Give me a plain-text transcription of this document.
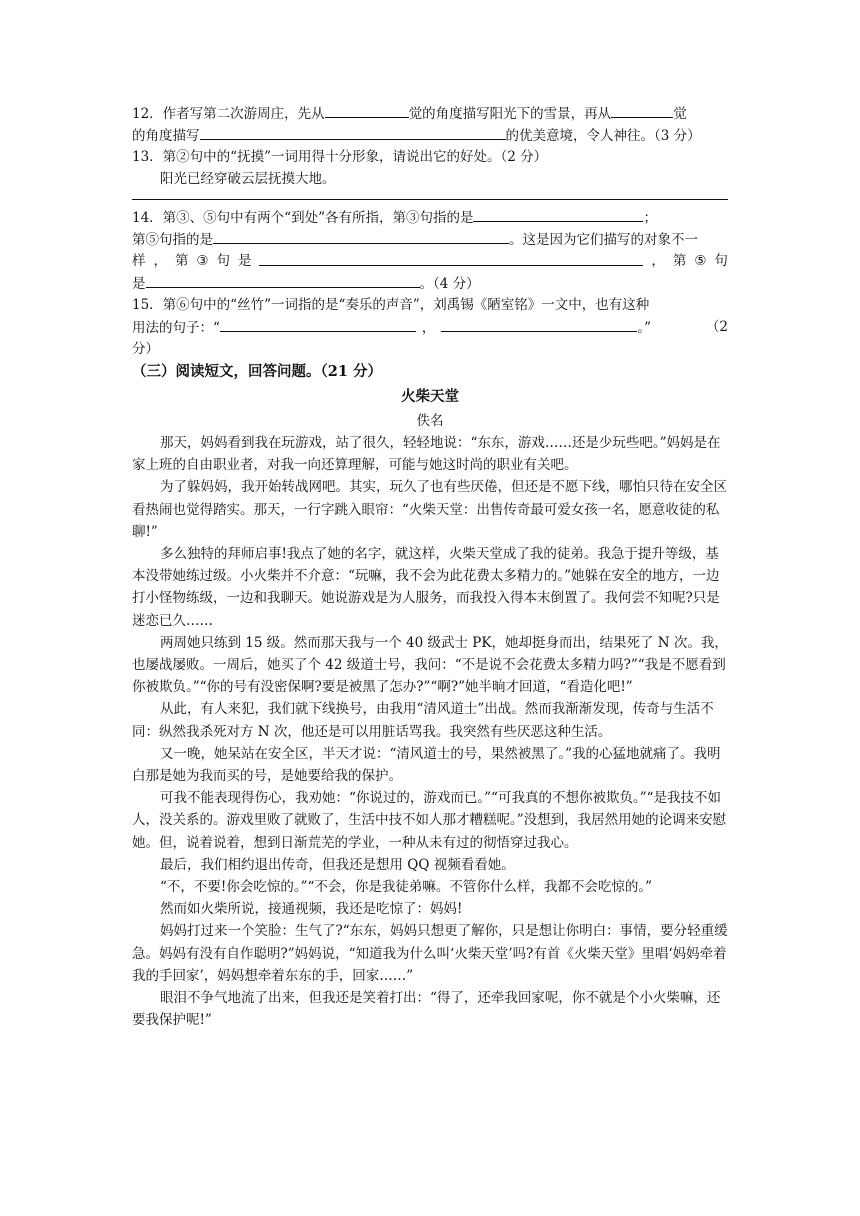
12．作者写第二次游周庄，先从	觉的角度描写阳光下的雪景，再从	觉
的角度描写	的优美意境，令人神往。（3 分）
13．第②句中的“抚摸”一词用得十分形象，请说出它的好处。（2 分）
阳光已经穿破云层抚摸大地。
14．第③、⑤句中有两个“到处”各有所指，第③句指的是	；
第⑤句指的是	。这是因为它们描写的对象不一
样 ， 第 ③ 句 是	， 第 ⑤ 句
是	。（4 分）
15．第⑥句中的“丝竹”一词指的是“奏乐的声音”，刘禹锡《陋室铭》一文中，也有这种
用法的句子：“	，	。”	（2
分）
（三）阅读短文，回答问题。（21 分）
火柴天堂
佚名
那天，妈妈看到我在玩游戏，站了很久，轻轻地说：“东东，游戏……还是少玩些吧。”妈妈是在家上班的自由职业者，对我一向还算理解，可能与她这时尚的职业有关吧。
为了躲妈妈，我开始转战网吧。其实，玩久了也有些厌倦，但还是不愿下线，哪怕只待在安全区看热闹也觉得踏实。那天，一行字跳入眼帘：“火柴天堂：出售传奇最可爱女孩一名，愿意收徒的私聊!”
多么独特的拜师启事!我点了她的名字，就这样，火柴天堂成了我的徒弟。我急于提升等级，基本没带她练过级。小火柴并不介意：“玩嘛，我不会为此花费太多精力的。”她躲在安全的地方，一边打小怪物练级，一边和我聊天。她说游戏是为人服务，而我投入得本末倒置了。我何尝不知呢?只是迷恋已久……
两周她只练到 15 级。然而那天我与一个 40 级武士 PK，她却挺身而出，结果死了 N 次。我，也屡战屡败。一周后，她买了个 42 级道士号，我问：“不是说不会花费太多精力吗?”“我是不愿看到你被欺负。”“你的号有没密保啊?要是被黑了怎办?”“啊?”她半晌才回道，“看造化吧!”
从此，有人来犯，我们就下线换号，由我用“清风道士”出战。然而我渐渐发现，传奇与生活不同：纵然我杀死对方 N 次，他还是可以用脏话骂我。我突然有些厌恶这种生活。
又一晚，她呆站在安全区，半天才说：“清风道士的号，果然被黑了。”我的心猛地就痛了。我明白那是她为我而买的号，是她要给我的保护。
可我不能表现得伤心，我劝她：“你说过的，游戏而已。”“可我真的不想你被欺负。”“是我技不如人，没关系的。游戏里败了就败了，生活中技不如人那才糟糕呢。”没想到，我居然用她的论调来安慰她。但，说着说着，想到日渐荒芜的学业，一种从未有过的彻悟穿过我心。
最后，我们相约退出传奇，但我还是想用 QQ 视频看看她。
“不，不要!你会吃惊的。”“不会，你是我徒弟嘛。不管你什么样，我都不会吃惊的。”
然而如火柴所说，接通视频，我还是吃惊了：妈妈!
妈妈打过来一个笑脸：生气了?“东东，妈妈只想更了解你，只是想让你明白：事情，要分轻重缓急。妈妈有没有自作聪明?”妈妈说，“知道我为什么叫‘火柴天堂’吗?有首《火柴天堂》里唱‘妈妈牵着我的手回家’，妈妈想牵着东东的手，回家……”
眼泪不争气地流了出来，但我还是笑着打出：“得了，还牵我回家呢，你不就是个小火柴嘛，还要我保护呢!”
